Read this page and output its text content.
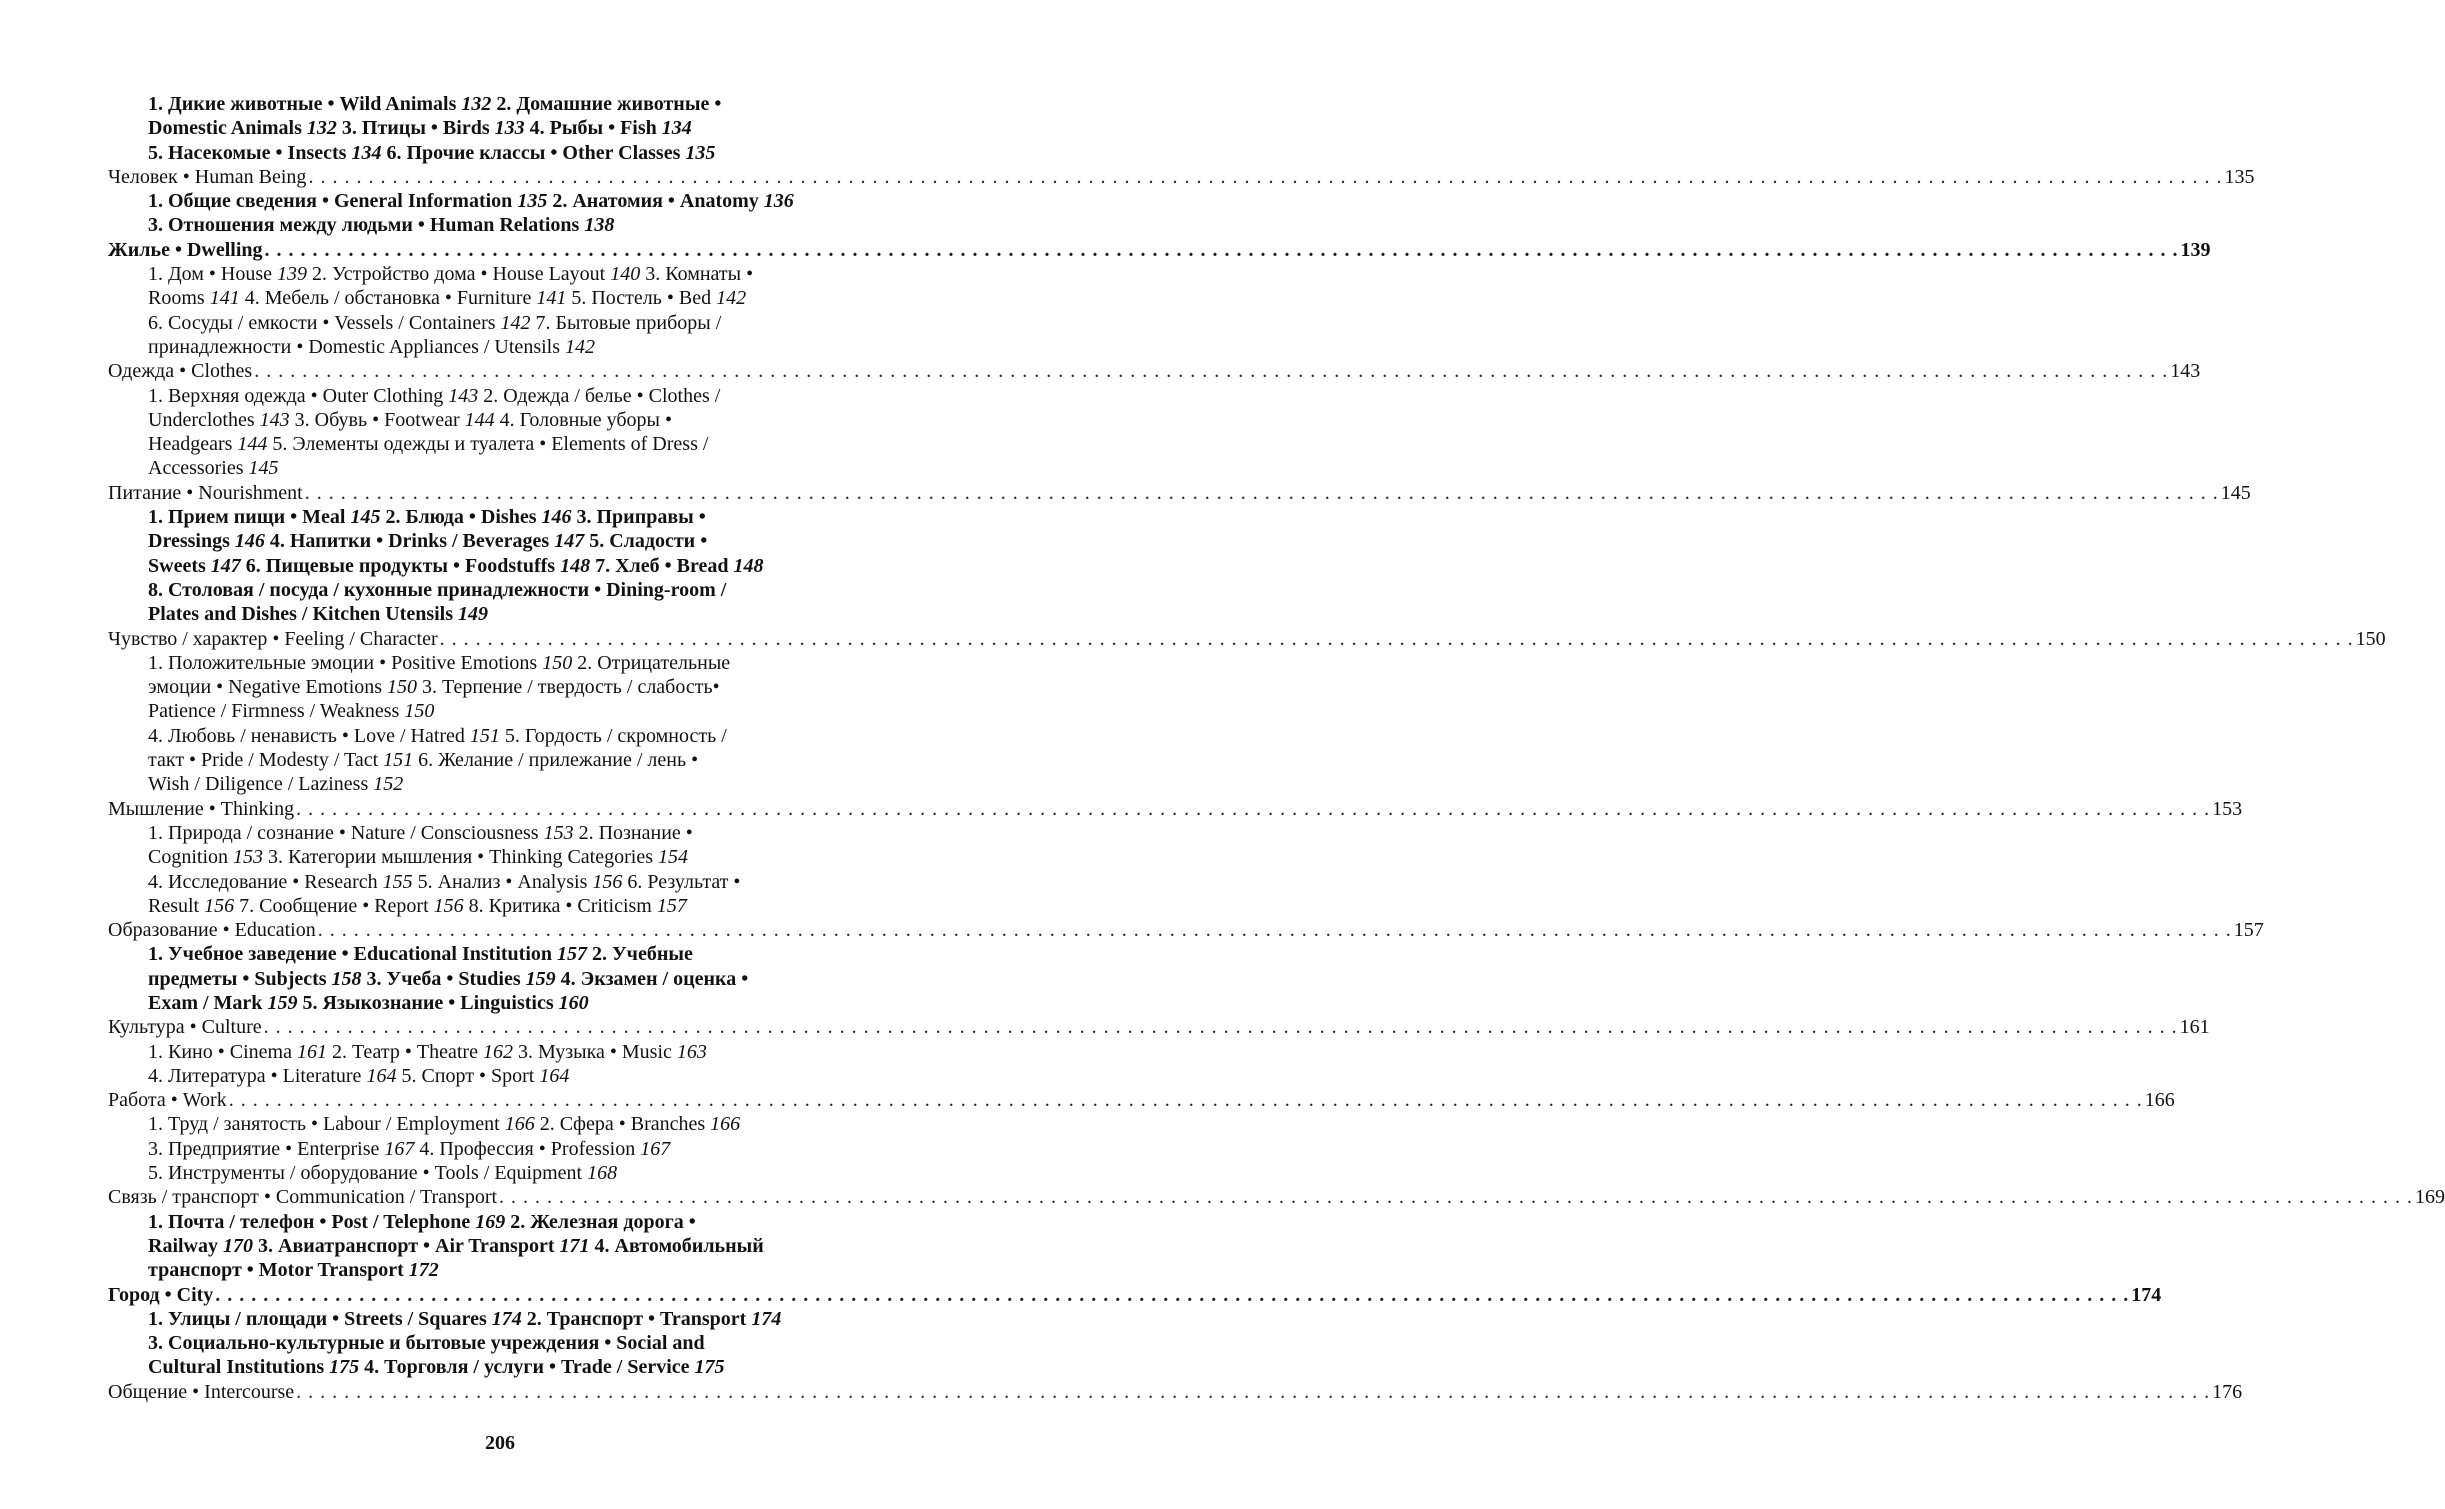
1. Дикие животные • Wild Animals 132 2. Домашние животные •
Domestic Animals 132 3. Птицы • Birds 133 4. Рыбы • Fish 134
5. Насекомые • Insects 134 6. Прочие классы • Other Classes 135
Человек • Human Being . . . . . . . . . . . . . . . . . . . . . . . . . . . . . . . . . . . . . . . . . . . . . . . . . . . . . . . . . . . . . . . . . . . . . . . . . . . . . . . . . . . . . . . . . . . . . . . . . . . . . . . . . . . . . . . . . . . . . . . . . . . . . . . . . . . . . . . . . . . . . . . . . . . . . . . . . . . . . . . . 135
1. Общие сведения • General Information 135 2. Анатомия • Anatomy 136
3. Отношения между людьми • Human Relations 138
Жилье • Dwelling . . . . . . . . . . . . . . . . . . . . . . . . . . . . . . . . . . . . . . . . . . . . . . . . . . . . . . . . . . . . . . . . . . . . . . . . . . . . . . . . . . . . . . . . . . . . . . . . . . . . . . . . . . . . . . . . . . . . . . . . . . . . . . . . . . . . . . . . . . . . . . . . . . . . . . . . . . . . . . . . 139
1. Дом • House 139 2. Устройство дома • House Layout 140 3. Комнаты •
Rooms 141 4. Мебель / обстановка • Furniture 141 5. Постель • Bed 142
6. Сосуды / емкости • Vessels / Containers 142 7. Бытовые приборы /
принадлежности • Domestic Appliances / Utensils 142
Одежда • Clothes . . . . . . . . . . . . . . . . . . . . . . . . . . . . . . . . . . . . . . . . . . . . . . . . . . . . . . . . . . . . . . . . . . . . . . . . . . . . . . . . . . . . . . . . . . . . . . . . . . . . . . . . . . . . . . . . . . . . . . . . . . . . . . . . . . . . . . . . . . . . . . . . . . . . . . . . . . . . . . . . 143
1. Верхняя одежда • Outer Clothing 143 2. Одежда / белье • Clothes /
Underclothes 143 3. Обувь • Footwear 144 4. Головные уборы •
Headgears 144 5. Элементы одежды и туалета • Elements of Dress /
Accessories 145
Питание • Nourishment . . . . . . . . . . . . . . . . . . . . . . . . . . . . . . . . . . . . . . . . . . . . . . . . . . . . . . . . . . . . . . . . . . . . . . . . . . . . . . . . . . . . . . . . . . . . . . . . . . . . . . . . . . . . . . . . . . . . . . . . . . . . . . . . . . . . . . . . . . . . . . . . . . . . . . . . . . . . . . . . 145
1. Прием пищи • Meal 145 2. Блюда • Dishes 146 3. Приправы •
Dressings 146 4. Напитки • Drinks / Beverages 147 5. Сладости •
Sweets 147 6. Пищевые продукты • Foodstuffs 148 7. Хлеб • Bread 148
8. Столовая / посуда / кухонные принадлежности • Dining-room /
Plates and Dishes / Kitchen Utensils 149
Чувство / характер • Feeling / Character . . . . . . . . . . . . . . . . . . . . . . . . . . . . . . . . . . . . . . . . . . . . . . . . . . . . . . . . . . . . . . . . . . . . . . . . . . . . . . . . . . . . . . . . . . . . . . . . . . . . . . . . . . . . . . . . . . . . . . . . . . . . . . . . . . . . . . . . . . . . . . . . . . . . . . . . . . . . . . . . 150
1. Положительные эмоции • Positive Emotions 150 2. Отрицательные
эмоции • Negative Emotions 150 3. Терпение / твердость / слабость•
Patience / Firmness / Weakness 150
4. Любовь / ненависть • Love / Hatred 151 5. Гордость / скромность /
такт • Pride / Modesty / Tact 151 6. Желание / прилежание / лень •
Wish / Diligence / Laziness 152
Мышление • Thinking . . . . . . . . . . . . . . . . . . . . . . . . . . . . . . . . . . . . . . . . . . . . . . . . . . . . . . . . . . . . . . . . . . . . . . . . . . . . . . . . . . . . . . . . . . . . . . . . . . . . . . . . . . . . . . . . . . . . . . . . . . . . . . . . . . . . . . . . . . . . . . . . . . . . . . . . . . . . . . . . 153
1. Природа / сознание • Nature / Consciousness 153 2. Познание •
Cognition 153 3. Категории мышления • Thinking Categories 154
4. Исследование • Research 155 5. Анализ • Analysis 156 6. Результат •
Result 156 7. Сообщение • Report 156 8. Критика • Criticism 157
Образование • Education . . . . . . . . . . . . . . . . . . . . . . . . . . . . . . . . . . . . . . . . . . . . . . . . . . . . . . . . . . . . . . . . . . . . . . . . . . . . . . . . . . . . . . . . . . . . . . . . . . . . . . . . . . . . . . . . . . . . . . . . . . . . . . . . . . . . . . . . . . . . . . . . . . . . . . . . . . . . . . . . 157
1. Учебное заведение • Educational Institution 157 2. Учебные
предметы • Subjects 158 3. Учеба • Studies 159 4. Экзамен / оценка •
Exam / Mark 159 5. Языкознание • Linguistics 160
Культура • Culture . . . . . . . . . . . . . . . . . . . . . . . . . . . . . . . . . . . . . . . . . . . . . . . . . . . . . . . . . . . . . . . . . . . . . . . . . . . . . . . . . . . . . . . . . . . . . . . . . . . . . . . . . . . . . . . . . . . . . . . . . . . . . . . . . . . . . . . . . . . . . . . . . . . . . . . . . . . . . . . . 161
1. Кино • Cinema 161 2. Театр • Theatre 162 3. Музыка • Music 163
4. Литература • Literature 164 5. Спорт • Sport 164
Работа • Work . . . . . . . . . . . . . . . . . . . . . . . . . . . . . . . . . . . . . . . . . . . . . . . . . . . . . . . . . . . . . . . . . . . . . . . . . . . . . . . . . . . . . . . . . . . . . . . . . . . . . . . . . . . . . . . . . . . . . . . . . . . . . . . . . . . . . . . . . . . . . . . . . . . . . . . . . . . . . . . . 166
1. Труд / занятость • Labour / Employment 166 2. Сфера • Branches 166
3. Предприятие • Enterprise 167 4. Профессия • Profession 167
5. Инструменты / оборудование • Tools / Equipment 168
Связь / транспорт • Communication / Transport . . . . . . . . . . . . . . . . . . . . . . . . . . . . . . . . . . . . . . . . . . . . . . . . . . . . . . . . . . . . . . . . . . . . . . . . . . . . . . . . . . . . . . . . . . . . . . . . . . . . . . . . . . . . . . . . . . . . . . . . . . . . . . . . . . . . . . . . . . . . . . . . . . . . . . . . . . . . . . . . 169
1. Почта / телефон • Post / Telephone 169 2. Железная дорога •
Railway 170 3. Авиатранспорт • Air Transport 171 4. Автомобильный
транспорт • Motor Transport 172
Город • City . . . . . . . . . . . . . . . . . . . . . . . . . . . . . . . . . . . . . . . . . . . . . . . . . . . . . . . . . . . . . . . . . . . . . . . . . . . . . . . . . . . . . . . . . . . . . . . . . . . . . . . . . . . . . . . . . . . . . . . . . . . . . . . . . . . . . . . . . . . . . . . . . . . . . . . . . . . . . . . . 174
1. Улицы / площади • Streets / Squares 174 2. Транспорт • Transport 174
3. Социально-культурные и бытовые учреждения • Social and
Cultural Institutions 175 4. Торговля / услуги • Trade / Service 175
Общение • Intercourse . . . . . . . . . . . . . . . . . . . . . . . . . . . . . . . . . . . . . . . . . . . . . . . . . . . . . . . . . . . . . . . . . . . . . . . . . . . . . . . . . . . . . . . . . . . . . . . . . . . . . . . . . . . . . . . . . . . . . . . . . . . . . . . . . . . . . . . . . . . . . . . . . . . . . . . . . . . . . . . . 176
206
